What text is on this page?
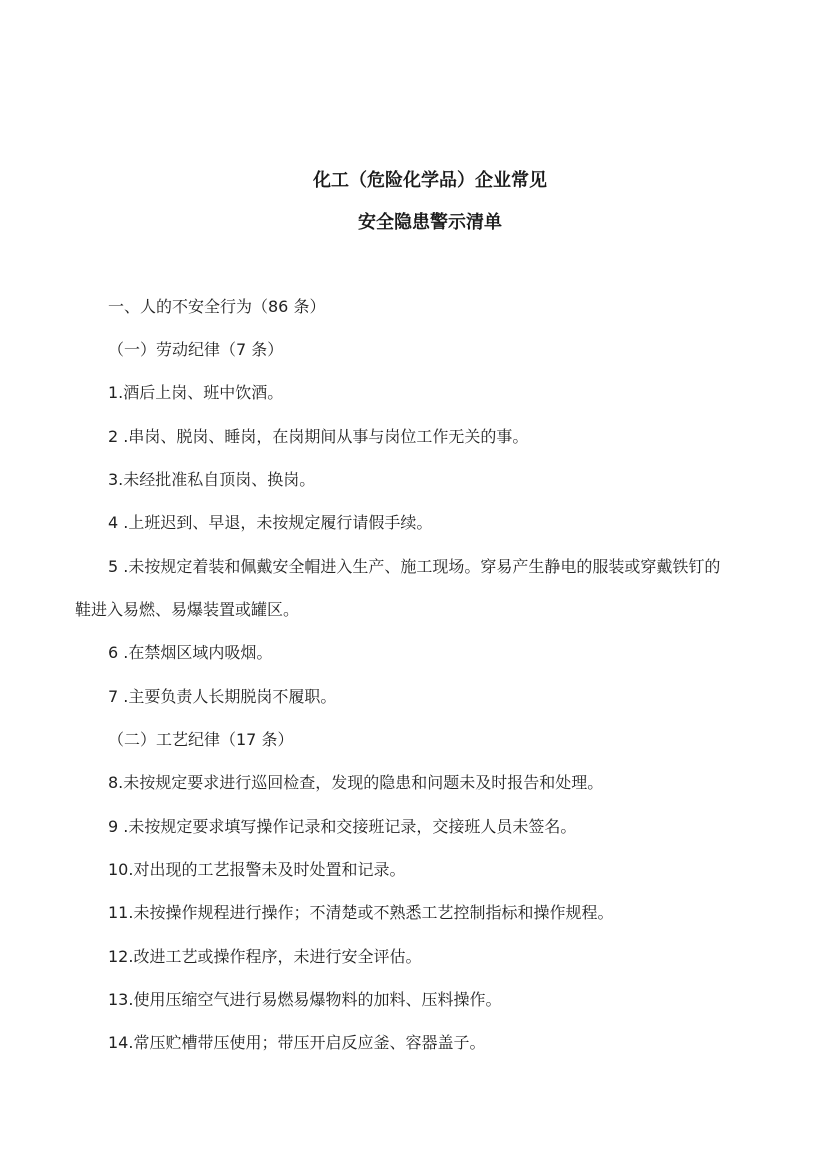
化工（危险化学品）企业常见
安全隐患警示清单
一、人的不安全行为（86 条）
（一）劳动纪律（7 条）
1.酒后上岗、班中饮酒。
2 .串岗、脱岗、睡岗，在岗期间从事与岗位工作无关的事。
3.未经批准私自顶岗、换岗。
4 .上班迟到、早退，未按规定履行请假手续。
5 .未按规定着装和佩戴安全帽进入生产、施工现场。穿易产生静电的服装或穿戴铁钉的
鞋进入易燃、易爆装置或罐区。
6 .在禁烟区域内吸烟。
7 .主要负责人长期脱岗不履职。
（二）工艺纪律（17 条）
8.未按规定要求进行巡回检查，发现的隐患和问题未及时报告和处理。
9 .未按规定要求填写操作记录和交接班记录，交接班人员未签名。
10.对出现的工艺报警未及时处置和记录。
11.未按操作规程进行操作；不清楚或不熟悉工艺控制指标和操作规程。
12.改进工艺或操作程序，未进行安全评估。
13.使用压缩空气进行易燃易爆物料的加料、压料操作。
14.常压贮槽带压使用；带压开启反应釜、容器盖子。
